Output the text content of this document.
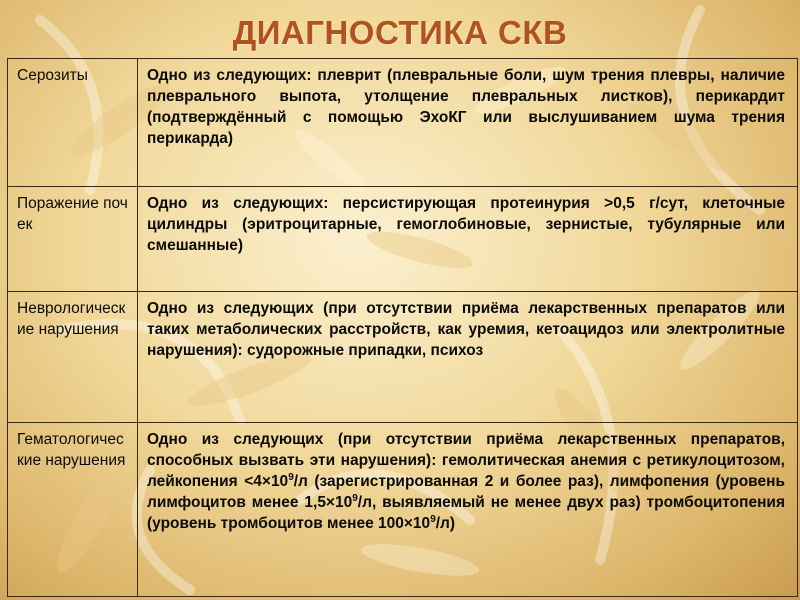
ДИАГНОСТИКА СКВ
Серозиты	Одно из следующих: плеврит (плевральные боли, шум трения плевры, наличие плеврального выпота, утолщение плевральных листков), перикардит (подтверждённый с помощью ЭхоКГ или выслушиванием шума трения перикарда)
Поражение почек	Одно из следующих: персистирующая протеинурия >0,5 г/сут, клеточные цилиндры (эритроцитарные, гемоглобиновые, зернистые, тубулярные или смешанные)
Неврологические нарушения	Одно из следующих (при отсутствии приёма лекарственных препаратов или таких метаболических расстройств, как уремия, кетоацидоз или электролитные нарушения): судорожные припадки, психоз
Гематологические нарушения	Одно из следующих (при отсутствии приёма лекарственных препаратов, способных вызвать эти нарушения): гемолитическая анемия с ретикулоцитозом, лейкопения $<4\times 10^9/л$ (зарегистрированная 2 и более раз), лимфопения (уровень лимфоцитов менее $1,5\times 10^9/л$, выявляемый не менее двух раз) тромбоцитопения (уровень тромбоцитов менее $100\times 10^9/л$)
